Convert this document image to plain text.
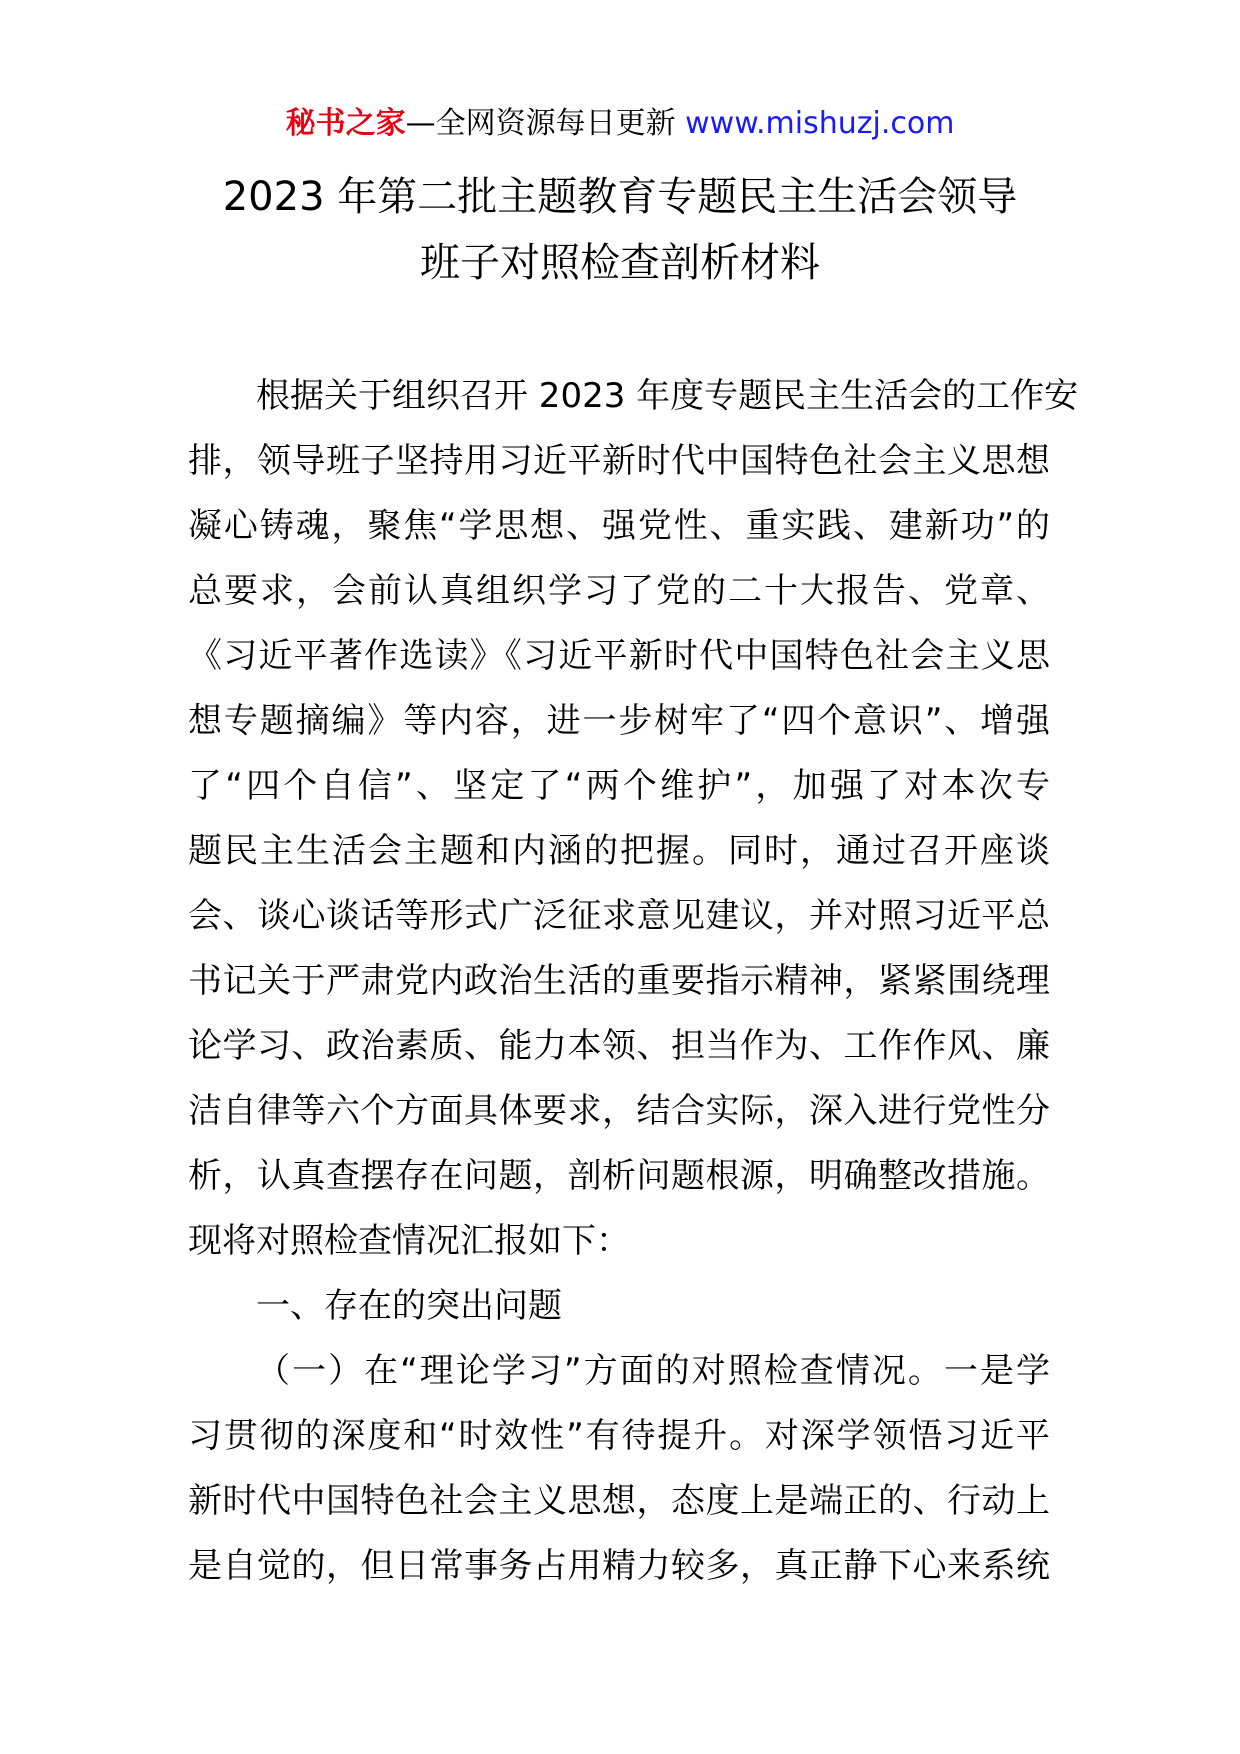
秘书之家—全网资源每日更新 www.mishuzj.com
2023 年第二批主题教育专题民主生活会领导
班子对照检查剖析材料
根据关于组织召开 2023 年度专题民主生活会的工作安
排，领导班子坚持用习近平新时代中国特色社会主义思想
凝心铸魂，聚焦“学思想、强党性、重实践、建新功”的
总要求，会前认真组织学习了党的二十大报告、党章、
《习近平著作选读》《习近平新时代中国特色社会主义思
想专题摘编》等内容，进一步树牢了“四个意识”、增强
了“四个自信”、坚定了“两个维护”，加强了对本次专
题民主生活会主题和内涵的把握。同时，通过召开座谈
会、谈心谈话等形式广泛征求意见建议，并对照习近平总
书记关于严肃党内政治生活的重要指示精神，紧紧围绕理
论学习、政治素质、能力本领、担当作为、工作作风、廉
洁自律等六个方面具体要求，结合实际，深入进行党性分
析，认真查摆存在问题，剖析问题根源，明确整改措施。
现将对照检查情况汇报如下：
一、存在的突出问题
（一）在“理论学习”方面的对照检查情况。一是学
习贯彻的深度和“时效性”有待提升。对深学领悟习近平
新时代中国特色社会主义思想，态度上是端正的、行动上
是自觉的，但日常事务占用精力较多，真正静下心来系统
